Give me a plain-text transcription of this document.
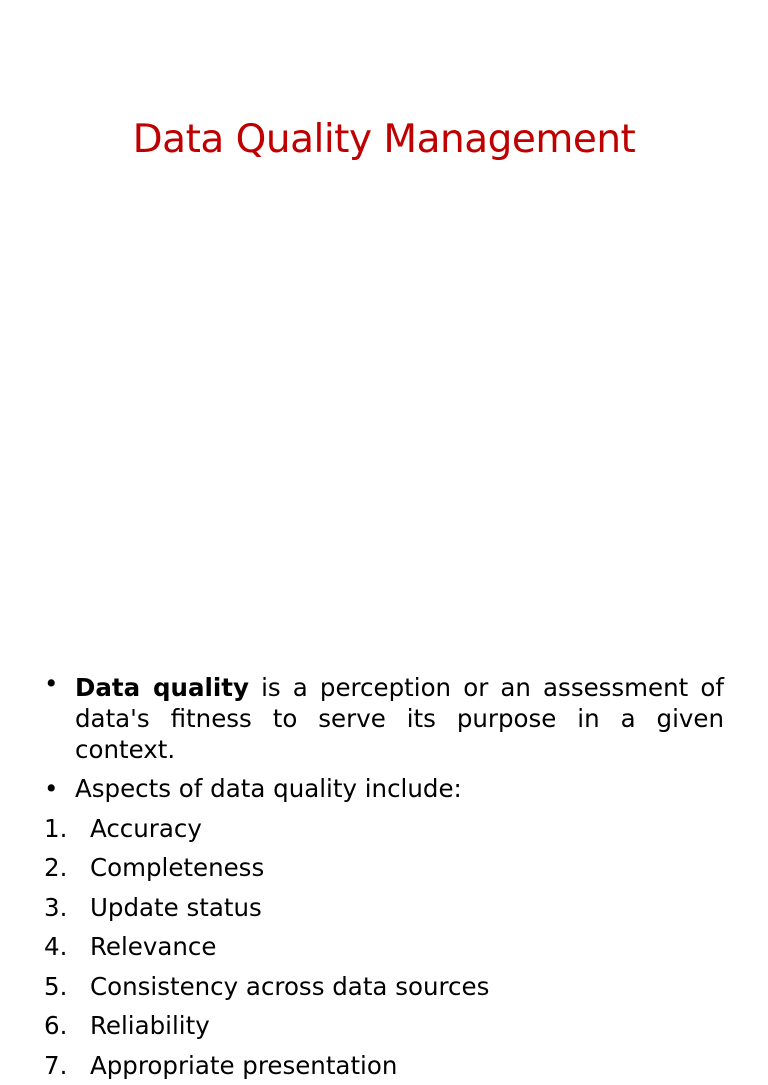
Data Quality Management
• Data quality is a perception or an assessment of data's fitness to serve its purpose in a given context.
• Aspects of data quality include:
1. Accuracy
2. Completeness
3. Update status
4. Relevance
5. Consistency across data sources
6. Reliability
7. Appropriate presentation
